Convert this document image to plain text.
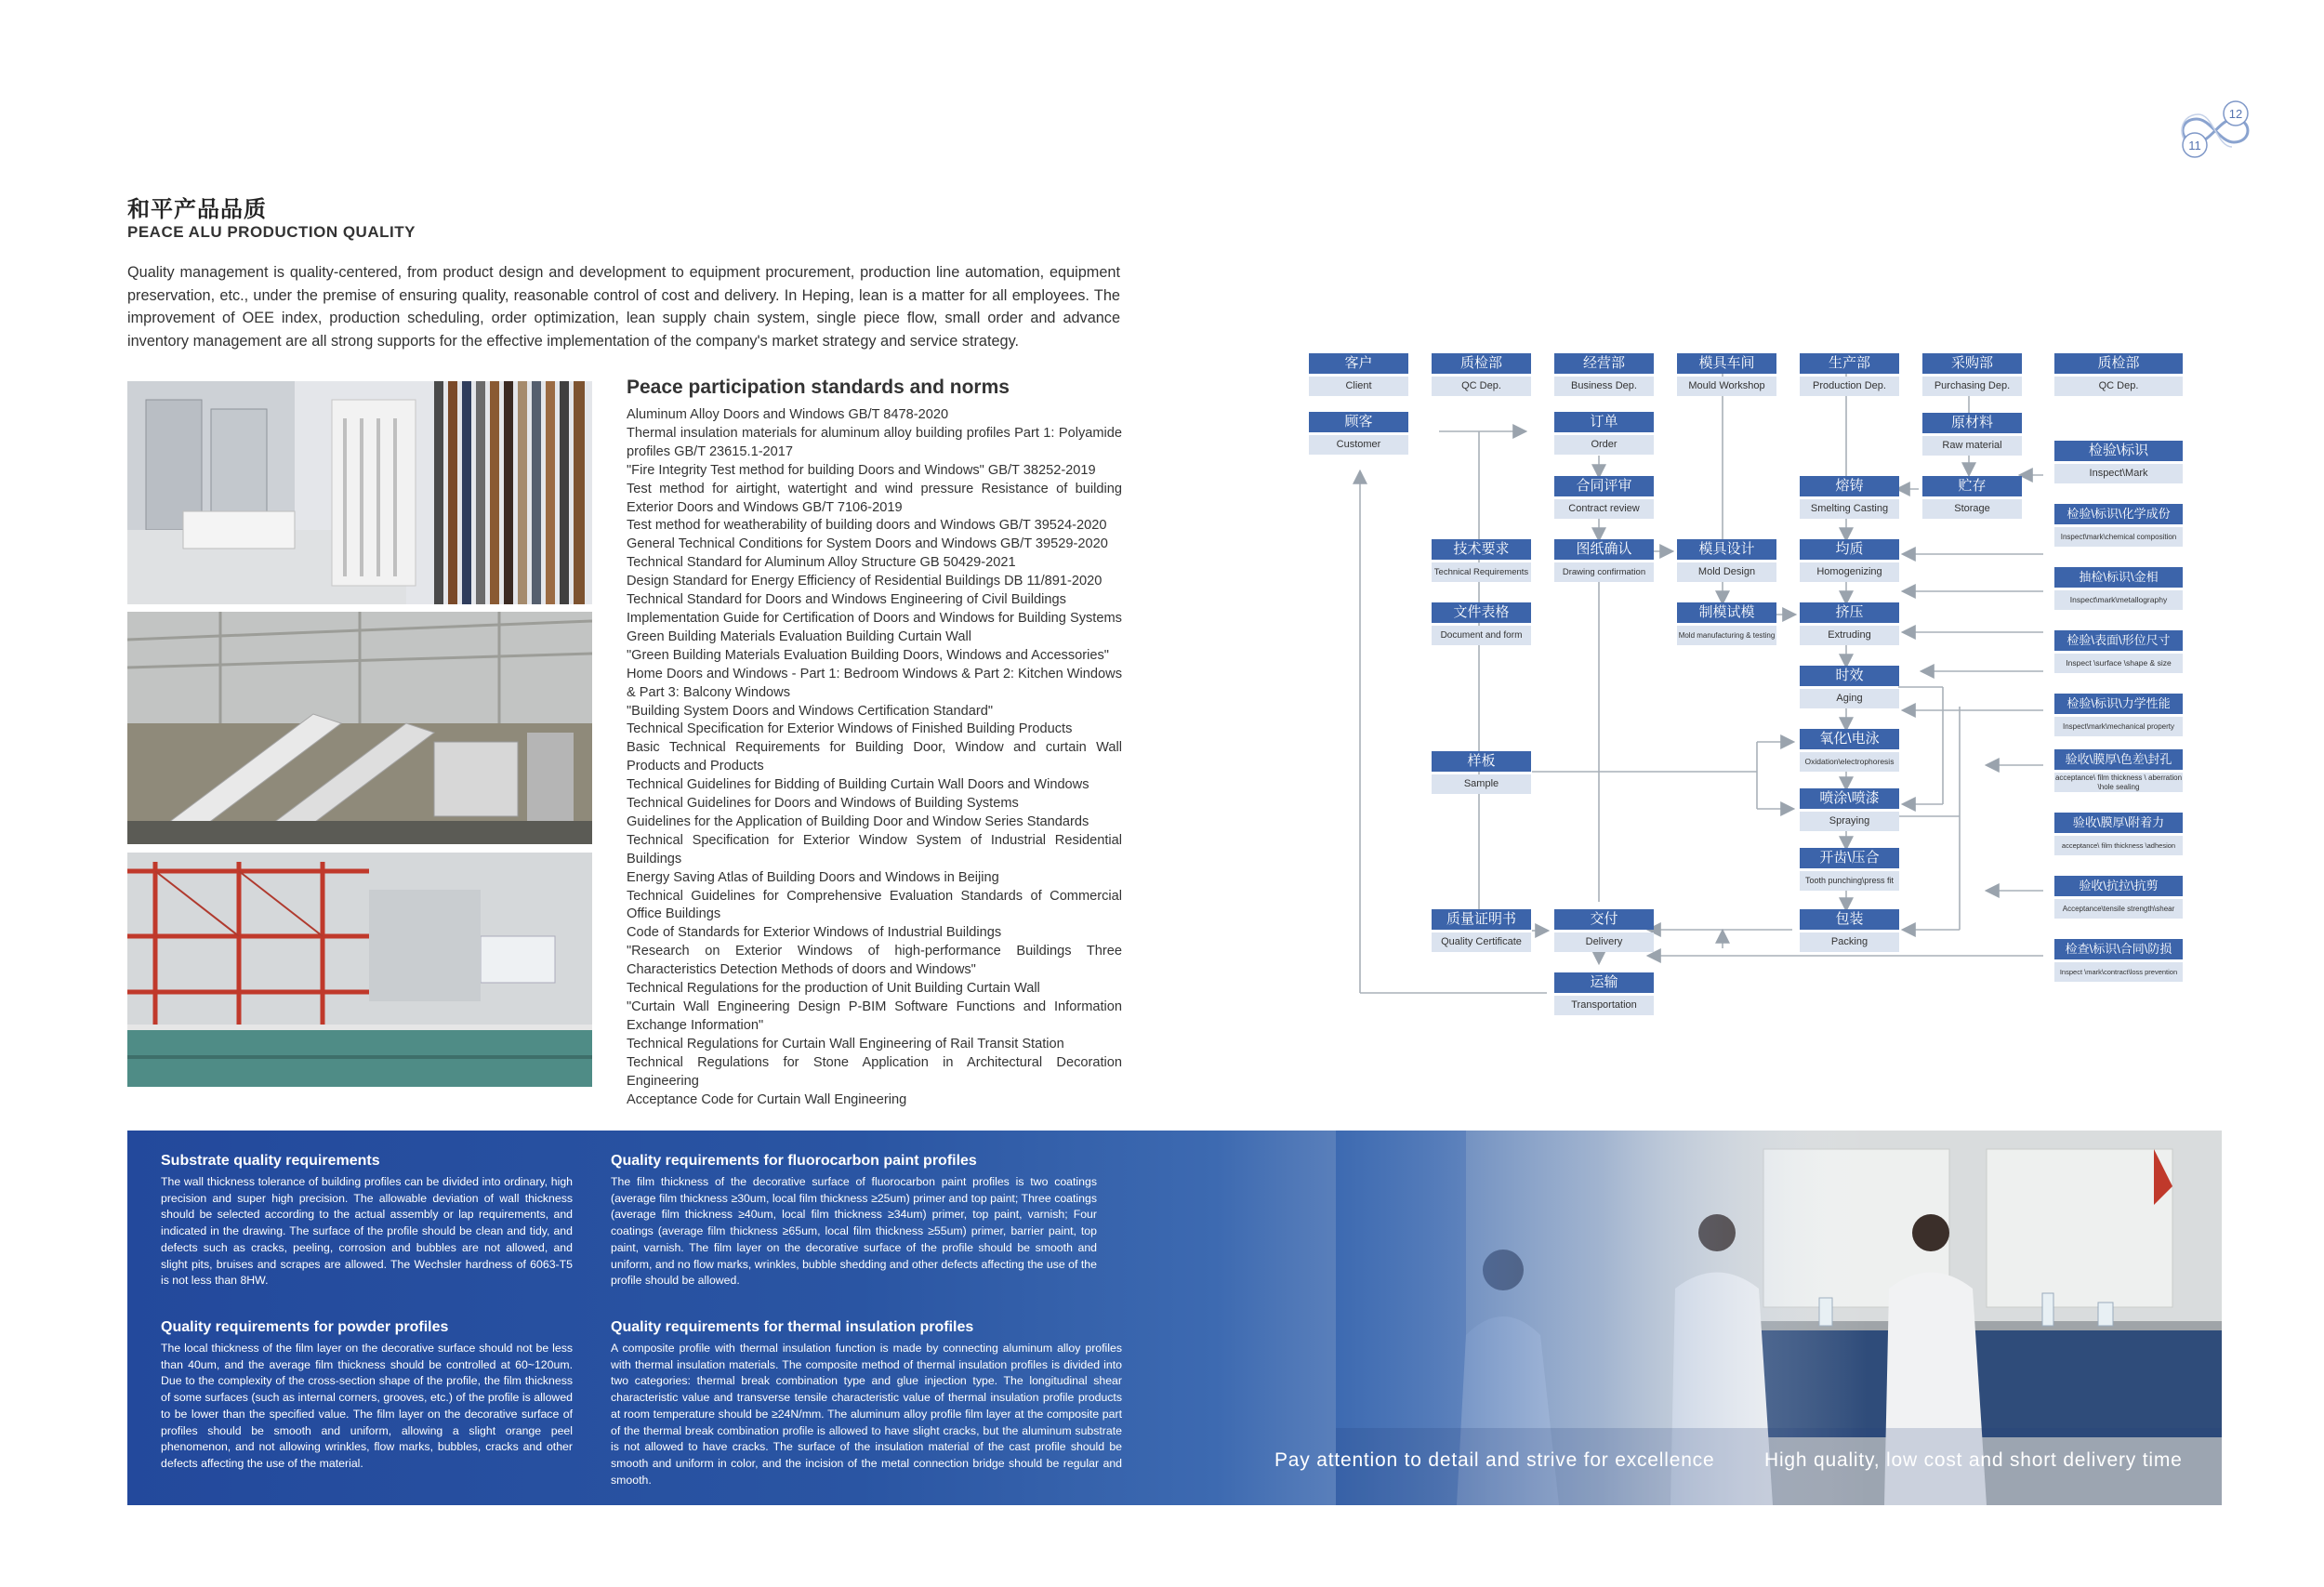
11
12
和平产品品质
PEACE ALU PRODUCTION QUALITY

Quality management is quality-centered, from product design and development to equipment procurement, production line automation, equipment preservation, etc., under the premise of ensuring quality, reasonable control of cost and delivery. In Heping, lean is a matter for all employees. The improvement of OEE index, production scheduling, order optimization, lean supply chain system, single piece flow, small order and advance inventory management are all strong supports for the effective implementation of the company's market strategy and service strategy.

Peace participation standards and norms
Aluminum Alloy Doors and Windows GB/T 8478-2020
Thermal insulation materials for aluminum alloy building profiles Part 1: Polyamide profiles GB/T 23615.1-2017
"Fire Integrity Test method for building Doors and Windows" GB/T 38252-2019
Test method for airtight, watertight and wind pressure Resistance of building Exterior Doors and Windows GB/T 7106-2019
Test method for weatherability of building doors and Windows GB/T 39524-2020
General Technical Conditions for System Doors and Windows GB/T 39529-2020
Technical Standard for Aluminum Alloy Structure GB 50429-2021
Design Standard for Energy Efficiency of Residential Buildings DB 11/891-2020
Technical Standard for Doors and Windows Engineering of Civil Buildings
Implementation Guide for Certification of Doors and Windows for Building Systems
Green Building Materials Evaluation Building Curtain Wall
"Green Building Materials Evaluation Building Doors, Windows and Accessories"
Home Doors and Windows - Part 1: Bedroom Windows & Part 2: Kitchen Windows & Part 3: Balcony Windows
"Building System Doors and Windows Certification Standard"
Technical Specification for Exterior Windows of Finished Building Products
Basic Technical Requirements for Building Door, Window and curtain Wall Products and Products
Technical Guidelines for Bidding of Building Curtain Wall Doors and Windows
Technical Guidelines for Doors and Windows of Building Systems
Guidelines for the Application of Building Door and Window Series Standards
Technical Specification for Exterior Window System of Industrial Residential Buildings
Energy Saving Atlas of Building Doors and Windows in Beijing
Technical Guidelines for Comprehensive Evaluation Standards of Commercial Office Buildings
Code of Standards for Exterior Windows of Industrial Buildings
"Research on Exterior Windows of high-performance Buildings Three Characteristics Detection Methods of doors and Windows"
Technical Regulations for the production of Unit Building Curtain Wall
"Curtain Wall Engineering Design P-BIM Software Functions and Information Exchange Information"
Technical Regulations for Curtain Wall Engineering of Rail Transit Station
Technical Regulations for Stone Application in Architectural Decoration Engineering
Acceptance Code for Curtain Wall Engineering
客户
Client
质检部
QC Dep.
经营部
Business Dep.
模具车间
Mould Workshop
生产部
Production Dep.
采购部
Purchasing Dep.
质检部
QC Dep.
顾客
Customer
技术要求
Technical Requirements
文件表格
Document and form
样板
Sample
质量证明书
Quality Certificate
订单
Order
合同评审
Contract review
图纸确认
Drawing confirmation
交付
Delivery
运输
Transportation
模具设计
Mold Design
制模试模
Mold manufacturing & testing
熔铸
Smelting Casting
均质
Homogenizing
挤压
Extruding
时效
Aging
氧化\电泳
Oxidation\electrophoresis
喷涂\喷漆
Spraying
开齿\压合
Tooth punching\press fit
包装
Packing
原材料
Raw material
贮存
Storage
检验\标识
Inspect\Mark
检验\标识\化学成份
Inspect\mark\chemical composition
抽检\标识\金相
Inspect\mark\metallography
检验\表面\形位尺寸
Inspect \surface \shape & size
检验\标识\力学性能
Inspect\mark\mechanical property
验收\膜厚\色差\封孔
acceptance\ film thickness \ aberration \hole sealing
验收\膜厚\附着力
acceptance\ film thickness \adhesion
验收\抗拉\抗剪
Acceptance\tensile strength\shear
检查\标识\合同\防损
Inspect \mark\contract\loss prevention
Substrate quality requirements

The wall thickness tolerance of building profiles can be divided into ordinary, high precision and super high precision. The allowable deviation of wall thickness should be selected according to the actual assembly or lap requirements, and indicated in the drawing. The surface of the profile should be clean and tidy, and defects such as cracks, peeling, corrosion and bubbles are not allowed, and slight pits, bruises and scrapes are allowed. The Wechsler hardness of 6063-T5 is not less than 8HW.

Quality requirements for powder profiles

The local thickness of the film layer on the decorative surface should not be less than 40um, and the average film thickness should be controlled at 60~120um. Due to the complexity of the cross-section shape of the profile, the film thickness of some surfaces (such as internal corners, grooves, etc.) of the profile is allowed to be lower than the specified value. The film layer on the decorative surface of profiles should be smooth and uniform, allowing a slight orange peel phenomenon, and not allowing wrinkles, flow marks, bubbles, cracks and other defects affecting the use of the material.

Quality requirements for fluorocarbon paint profiles

The film thickness of the decorative surface of fluorocarbon paint profiles is two coatings (average film thickness ≥30um, local film thickness ≥25um) primer and top paint; Three coatings (average film thickness ≥40um, local film thickness ≥34um) primer, top paint, varnish; Four coatings (average film thickness ≥65um, local film thickness ≥55um) primer, barrier paint, top paint, varnish. The film layer on the decorative surface of the profile should be smooth and uniform, and no flow marks, wrinkles, bubble shedding and other defects affecting the use of the profile should be allowed.

Quality requirements for thermal insulation profiles

A composite profile with thermal insulation function is made by connecting aluminum alloy profiles with thermal insulation materials. The composite method of thermal insulation profiles is divided into two categories: thermal break combination type and glue injection type. The longitudinal shear characteristic value and transverse tensile characteristic value of thermal insulation profile products at room temperature should be ≥24N/mm. The aluminum alloy profile film layer at the composite part of the thermal break combination profile is allowed to have slight cracks, but the aluminum substrate is not allowed to have cracks. The surface of the insulation material of the cast profile should be smooth and uniform in color, and the incision of the metal connection bridge should be regular and smooth.

Pay attention to detail and strive for excellence	High quality, low cost and short delivery time
